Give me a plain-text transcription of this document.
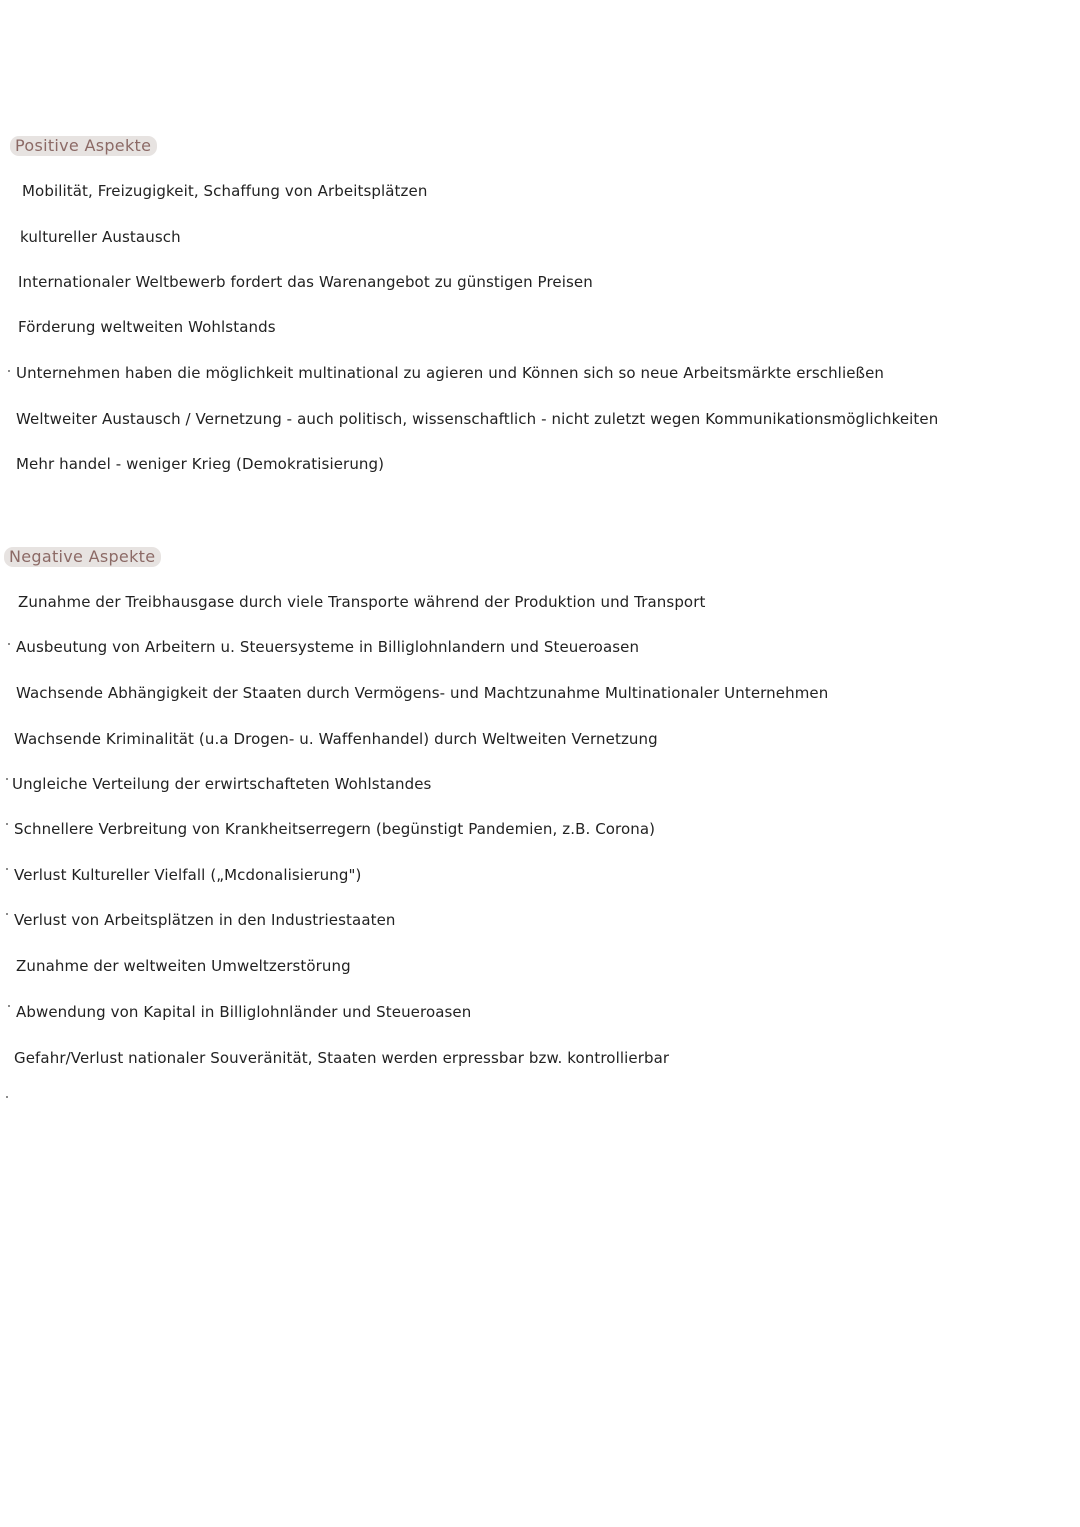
Positive Aspekte
Mobilität, Freizugigkeit, Schaffung von Arbeitsplätzen
kultureller Austausch
Internationaler Weltbewerb fordert das Warenangebot zu günstigen Preisen
Förderung weltweiten Wohlstands
Unternehmen haben die möglichkeit multinational zu agieren und Können sich so neue Arbeitsmärkte erschließen
Weltweiter Austausch / Vernetzung - auch politisch, wissenschaftlich - nicht zuletzt wegen Kommunikationsmöglichkeiten
Mehr handel - weniger Krieg (Demokratisierung)
Negative Aspekte
Zunahme der Treibhausgase durch viele Transporte während der Produktion und Transport
Ausbeutung von Arbeitern u. Steuersysteme in Billiglohnlandern und Steueroasen
Wachsende Abhängigkeit der Staaten durch Vermögens- und Machtzunahme Multinationaler Unternehmen
Wachsende Kriminalität (u.a Drogen- u. Waffenhandel) durch Weltweiten Vernetzung
Ungleiche Verteilung der erwirtschafteten Wohlstandes
Schnellere Verbreitung von Krankheitserregern (begünstigt Pandemien, z.B. Corona)
Verlust Kultureller Vielfall („Mcdonalisierung")
Verlust von Arbeitsplätzen in den Industriestaaten
Zunahme der weltweiten Umweltzerstörung
Abwendung von Kapital in Billiglohnländer und Steueroasen
Gefahr/Verlust nationaler Souveränität, Staaten werden erpressbar bzw. kontrollierbar
